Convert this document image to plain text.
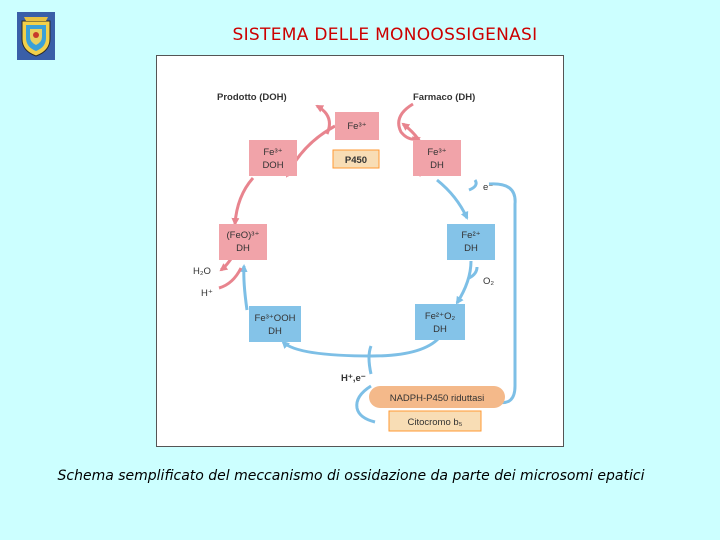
SISTEMA DELLE MONOOSSIGENASI
Prodotto (DOH)	Farmaco (DH)
Fe³⁺
P450
Fe³⁺
DOH
Fe³⁺
DH
e⁻
(FeO)³⁺
DH
Fe²⁺
DH
H₂O
H⁺
O₂
Fe³⁺OOH
DH
Fe²⁺O₂
DH
H⁺,e⁻
NADPH-P450 riduttasi
Citocromo b₅
Schema semplificato del meccanismo di ossidazione da parte dei microsomi epatici
